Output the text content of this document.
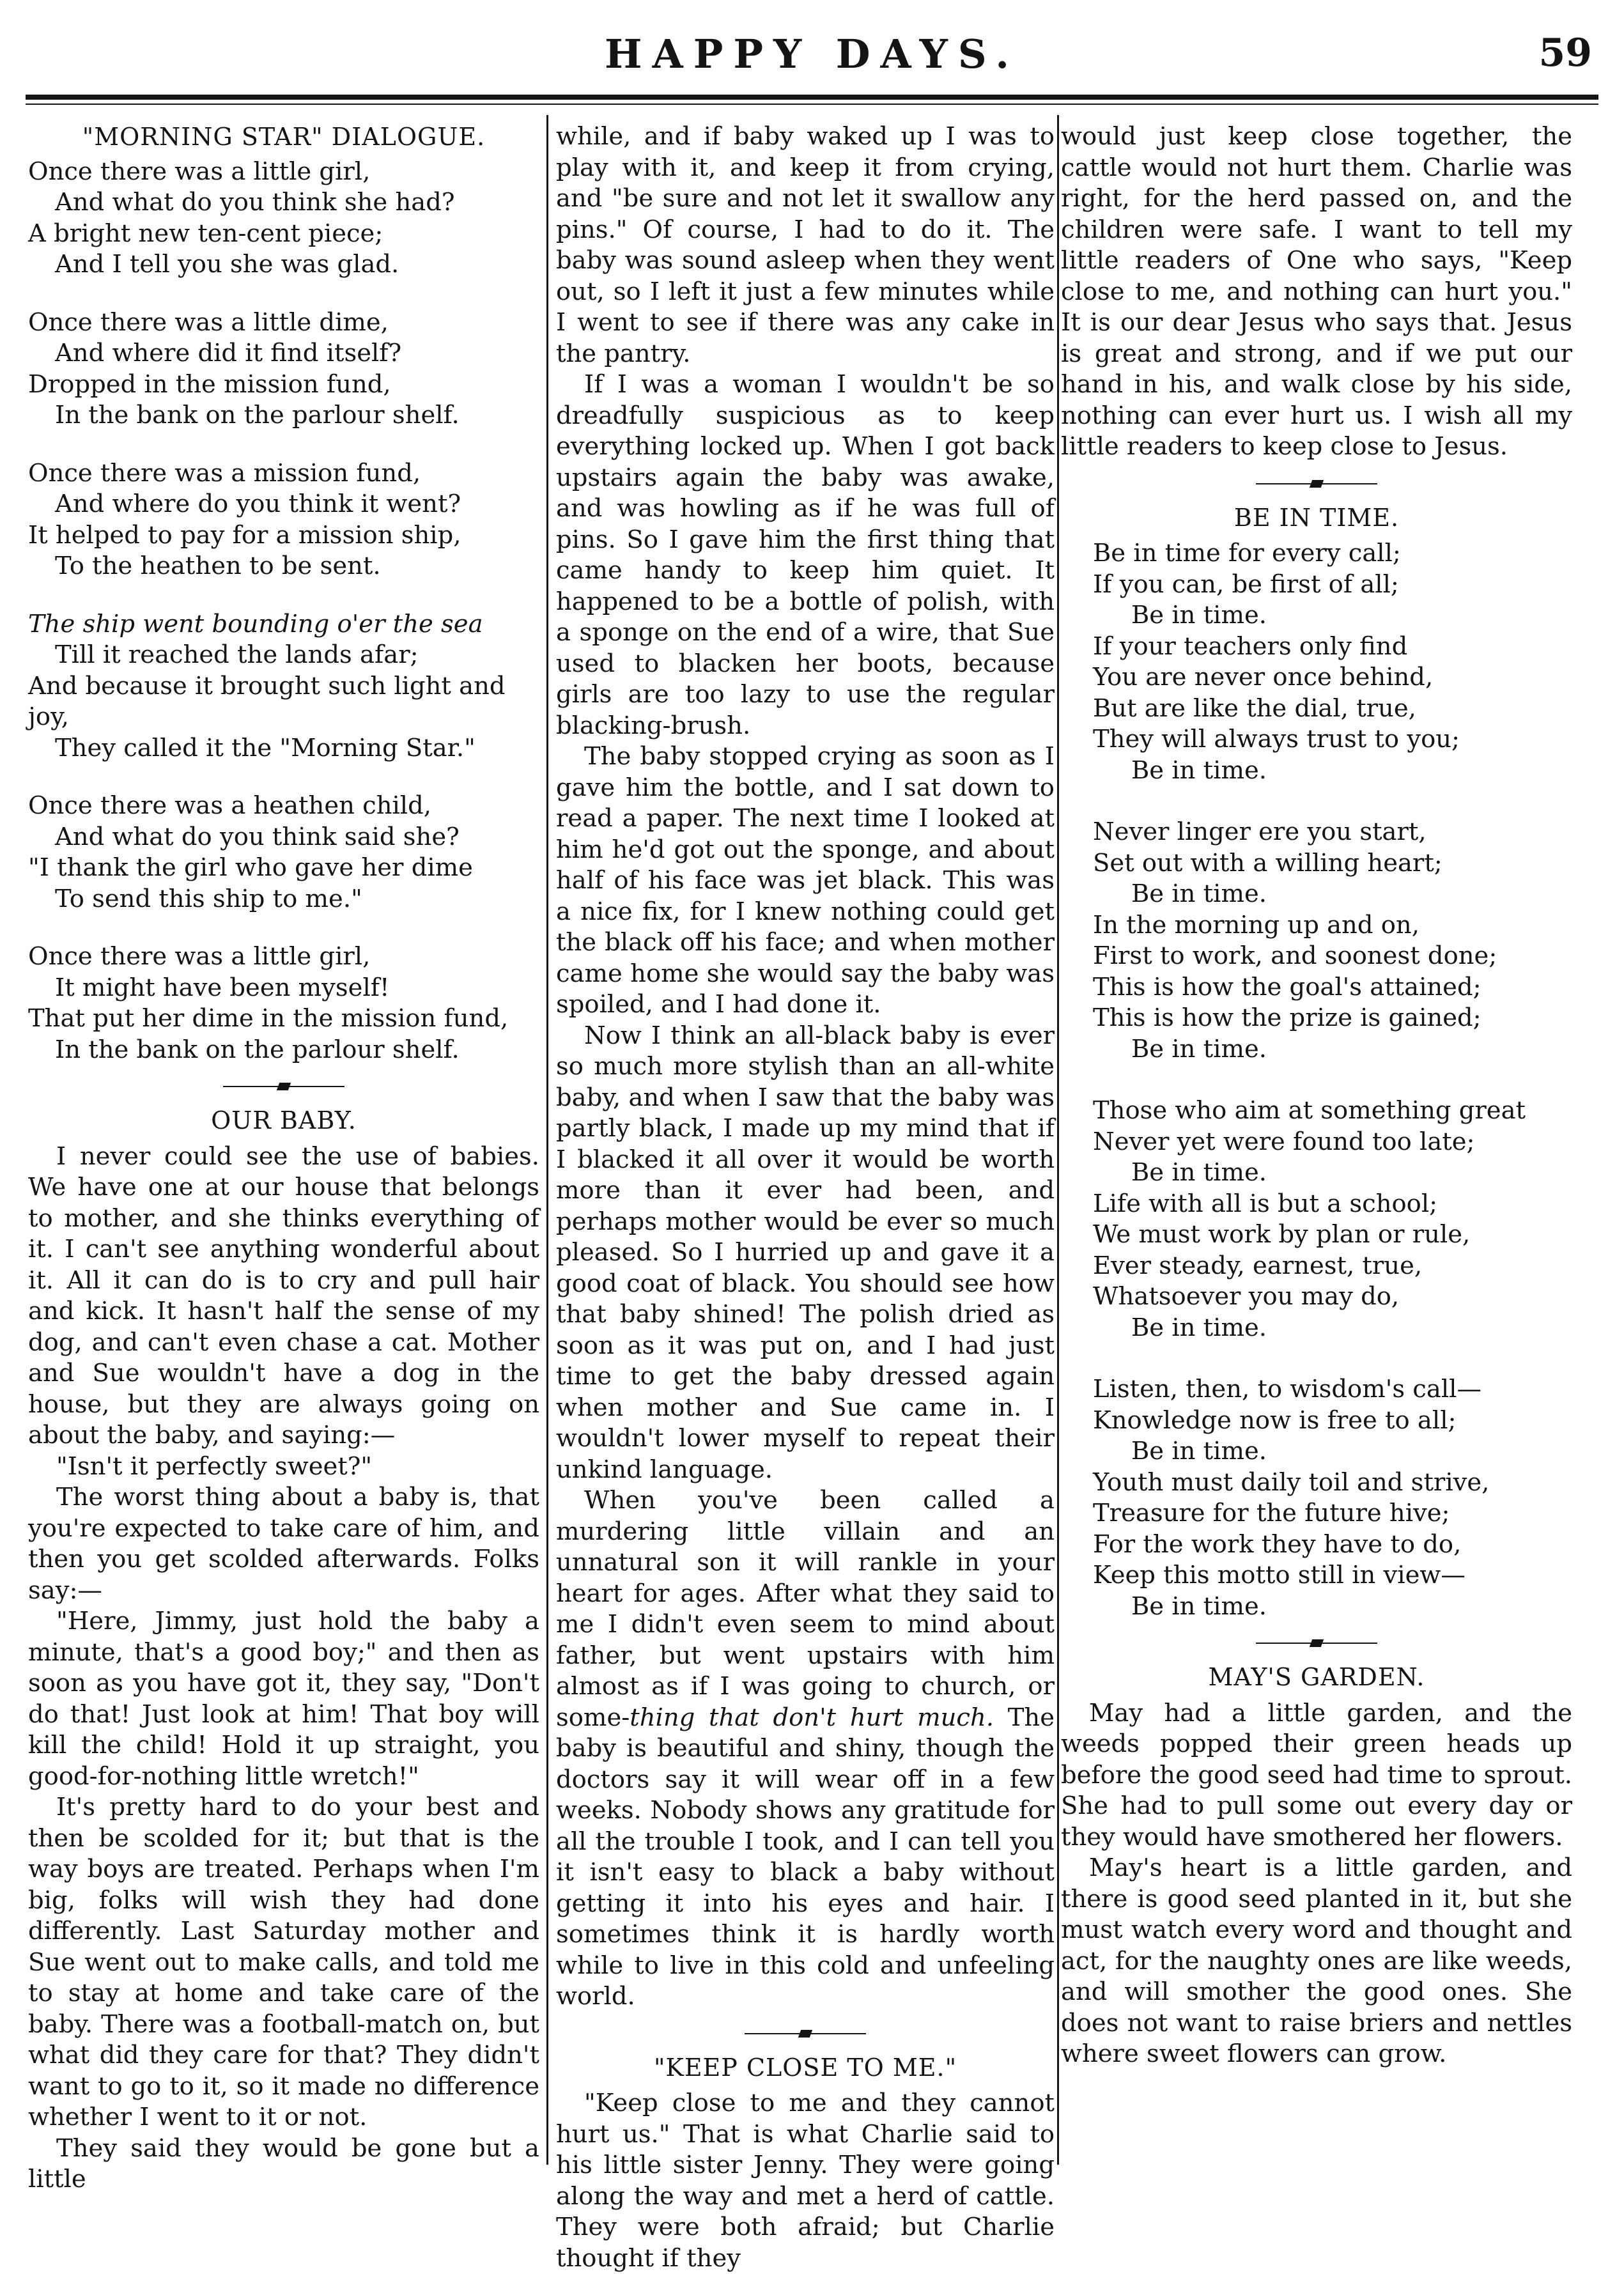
HAPPY DAYS.	59
"MORNING STAR" DIALOGUE.
Once there was a little girl,
And what do you think she had?
A bright new ten-cent piece;
And I tell you she was glad.
Once there was a little dime,
And where did it find itself?
Dropped in the mission fund,
In the bank on the parlour shelf.
Once there was a mission fund,
And where do you think it went?
It helped to pay for a mission ship,
To the heathen to be sent.
The ship went bounding o'er the sea
Till it reached the lands afar;
And because it brought such light and joy,
They called it the "Morning Star."
Once there was a heathen child,
And what do you think said she?
"I thank the girl who gave her dime
To send this ship to me."
Once there was a little girl,
It might have been myself!
That put her dime in the mission fund,
In the bank on the parlour shelf.
OUR BABY.

I never could see the use of babies. We have one at our house that belongs to mother, and she thinks everything of it. I can't see anything wonderful about it. All it can do is to cry and pull hair and kick. It hasn't half the sense of my dog, and can't even chase a cat. Mother and Sue wouldn't have a dog in the house, but they are always going on about the baby, and saying:—

"Isn't it perfectly sweet?"

The worst thing about a baby is, that you're expected to take care of him, and then you get scolded afterwards. Folks say:—

"Here, Jimmy, just hold the baby a minute, that's a good boy;" and then as soon as you have got it, they say, "Don't do that! Just look at him! That boy will kill the child! Hold it up straight, you good-for-nothing little wretch!"

It's pretty hard to do your best and then be scolded for it; but that is the way boys are treated. Perhaps when I'm big, folks will wish they had done differently. Last Saturday mother and Sue went out to make calls, and told me to stay at home and take care of the baby. There was a football-match on, but what did they care for that? They didn't want to go to it, so it made no difference whether I went to it or not.

They said they would be gone but a little

while, and if baby waked up I was to play with it, and keep it from crying, and "be sure and not let it swallow any pins." Of course, I had to do it. The baby was sound asleep when they went out, so I left it just a few minutes while I went to see if there was any cake in the pantry.

If I was a woman I wouldn't be so dreadfully suspicious as to keep everything locked up. When I got back upstairs again the baby was awake, and was howling as if he was full of pins. So I gave him the first thing that came handy to keep him quiet. It happened to be a bottle of polish, with a sponge on the end of a wire, that Sue used to blacken her boots, because girls are too lazy to use the regular blacking-brush.

The baby stopped crying as soon as I gave him the bottle, and I sat down to read a paper. The next time I looked at him he'd got out the sponge, and about half of his face was jet black. This was a nice fix, for I knew nothing could get the black off his face; and when mother came home she would say the baby was spoiled, and I had done it.

Now I think an all-black baby is ever so much more stylish than an all-white baby, and when I saw that the baby was partly black, I made up my mind that if I blacked it all over it would be worth more than it ever had been, and perhaps mother would be ever so much pleased. So I hurried up and gave it a good coat of black. You should see how that baby shined! The polish dried as soon as it was put on, and I had just time to get the baby dressed again when mother and Sue came in. I wouldn't lower myself to repeat their unkind language.

When you've been called a murdering little villain and an unnatural son it will rankle in your heart for ages. After what they said to me I didn't even seem to mind about father, but went upstairs with him almost as if I was going to church, or some-thing that don't hurt much. The baby is beautiful and shiny, though the doctors say it will wear off in a few weeks. Nobody shows any gratitude for all the trouble I took, and I can tell you it isn't easy to black a baby without getting it into his eyes and hair. I sometimes think it is hardly worth while to live in this cold and unfeeling world.

"KEEP CLOSE TO ME."

"Keep close to me and they cannot hurt us." That is what Charlie said to his little sister Jenny. They were going along the way and met a herd of cattle. They were both afraid; but Charlie thought if they

would just keep close together, the cattle would not hurt them. Charlie was right, for the herd passed on, and the children were safe. I want to tell my little readers of One who says, "Keep close to me, and nothing can hurt you." It is our dear Jesus who says that. Jesus is great and strong, and if we put our hand in his, and walk close by his side, nothing can ever hurt us. I wish all my little readers to keep close to Jesus.

BE IN TIME.
Be in time for every call;
If you can, be first of all;
Be in time.
If your teachers only find
You are never once behind,
But are like the dial, true,
They will always trust to you;
Be in time.
Never linger ere you start,
Set out with a willing heart;
Be in time.
In the morning up and on,
First to work, and soonest done;
This is how the goal's attained;
This is how the prize is gained;
Be in time.
Those who aim at something great
Never yet were found too late;
Be in time.
Life with all is but a school;
We must work by plan or rule,
Ever steady, earnest, true,
Whatsoever you may do,
Be in time.
Listen, then, to wisdom's call—
Knowledge now is free to all;
Be in time.
Youth must daily toil and strive,
Treasure for the future hive;
For the work they have to do,
Keep this motto still in view—
Be in time.
MAY'S GARDEN.

May had a little garden, and the weeds popped their green heads up before the good seed had time to sprout. She had to pull some out every day or they would have smothered her flowers.

May's heart is a little garden, and there is good seed planted in it, but she must watch every word and thought and act, for the naughty ones are like weeds, and will smother the good ones. She does not want to raise briers and nettles where sweet flowers can grow.
